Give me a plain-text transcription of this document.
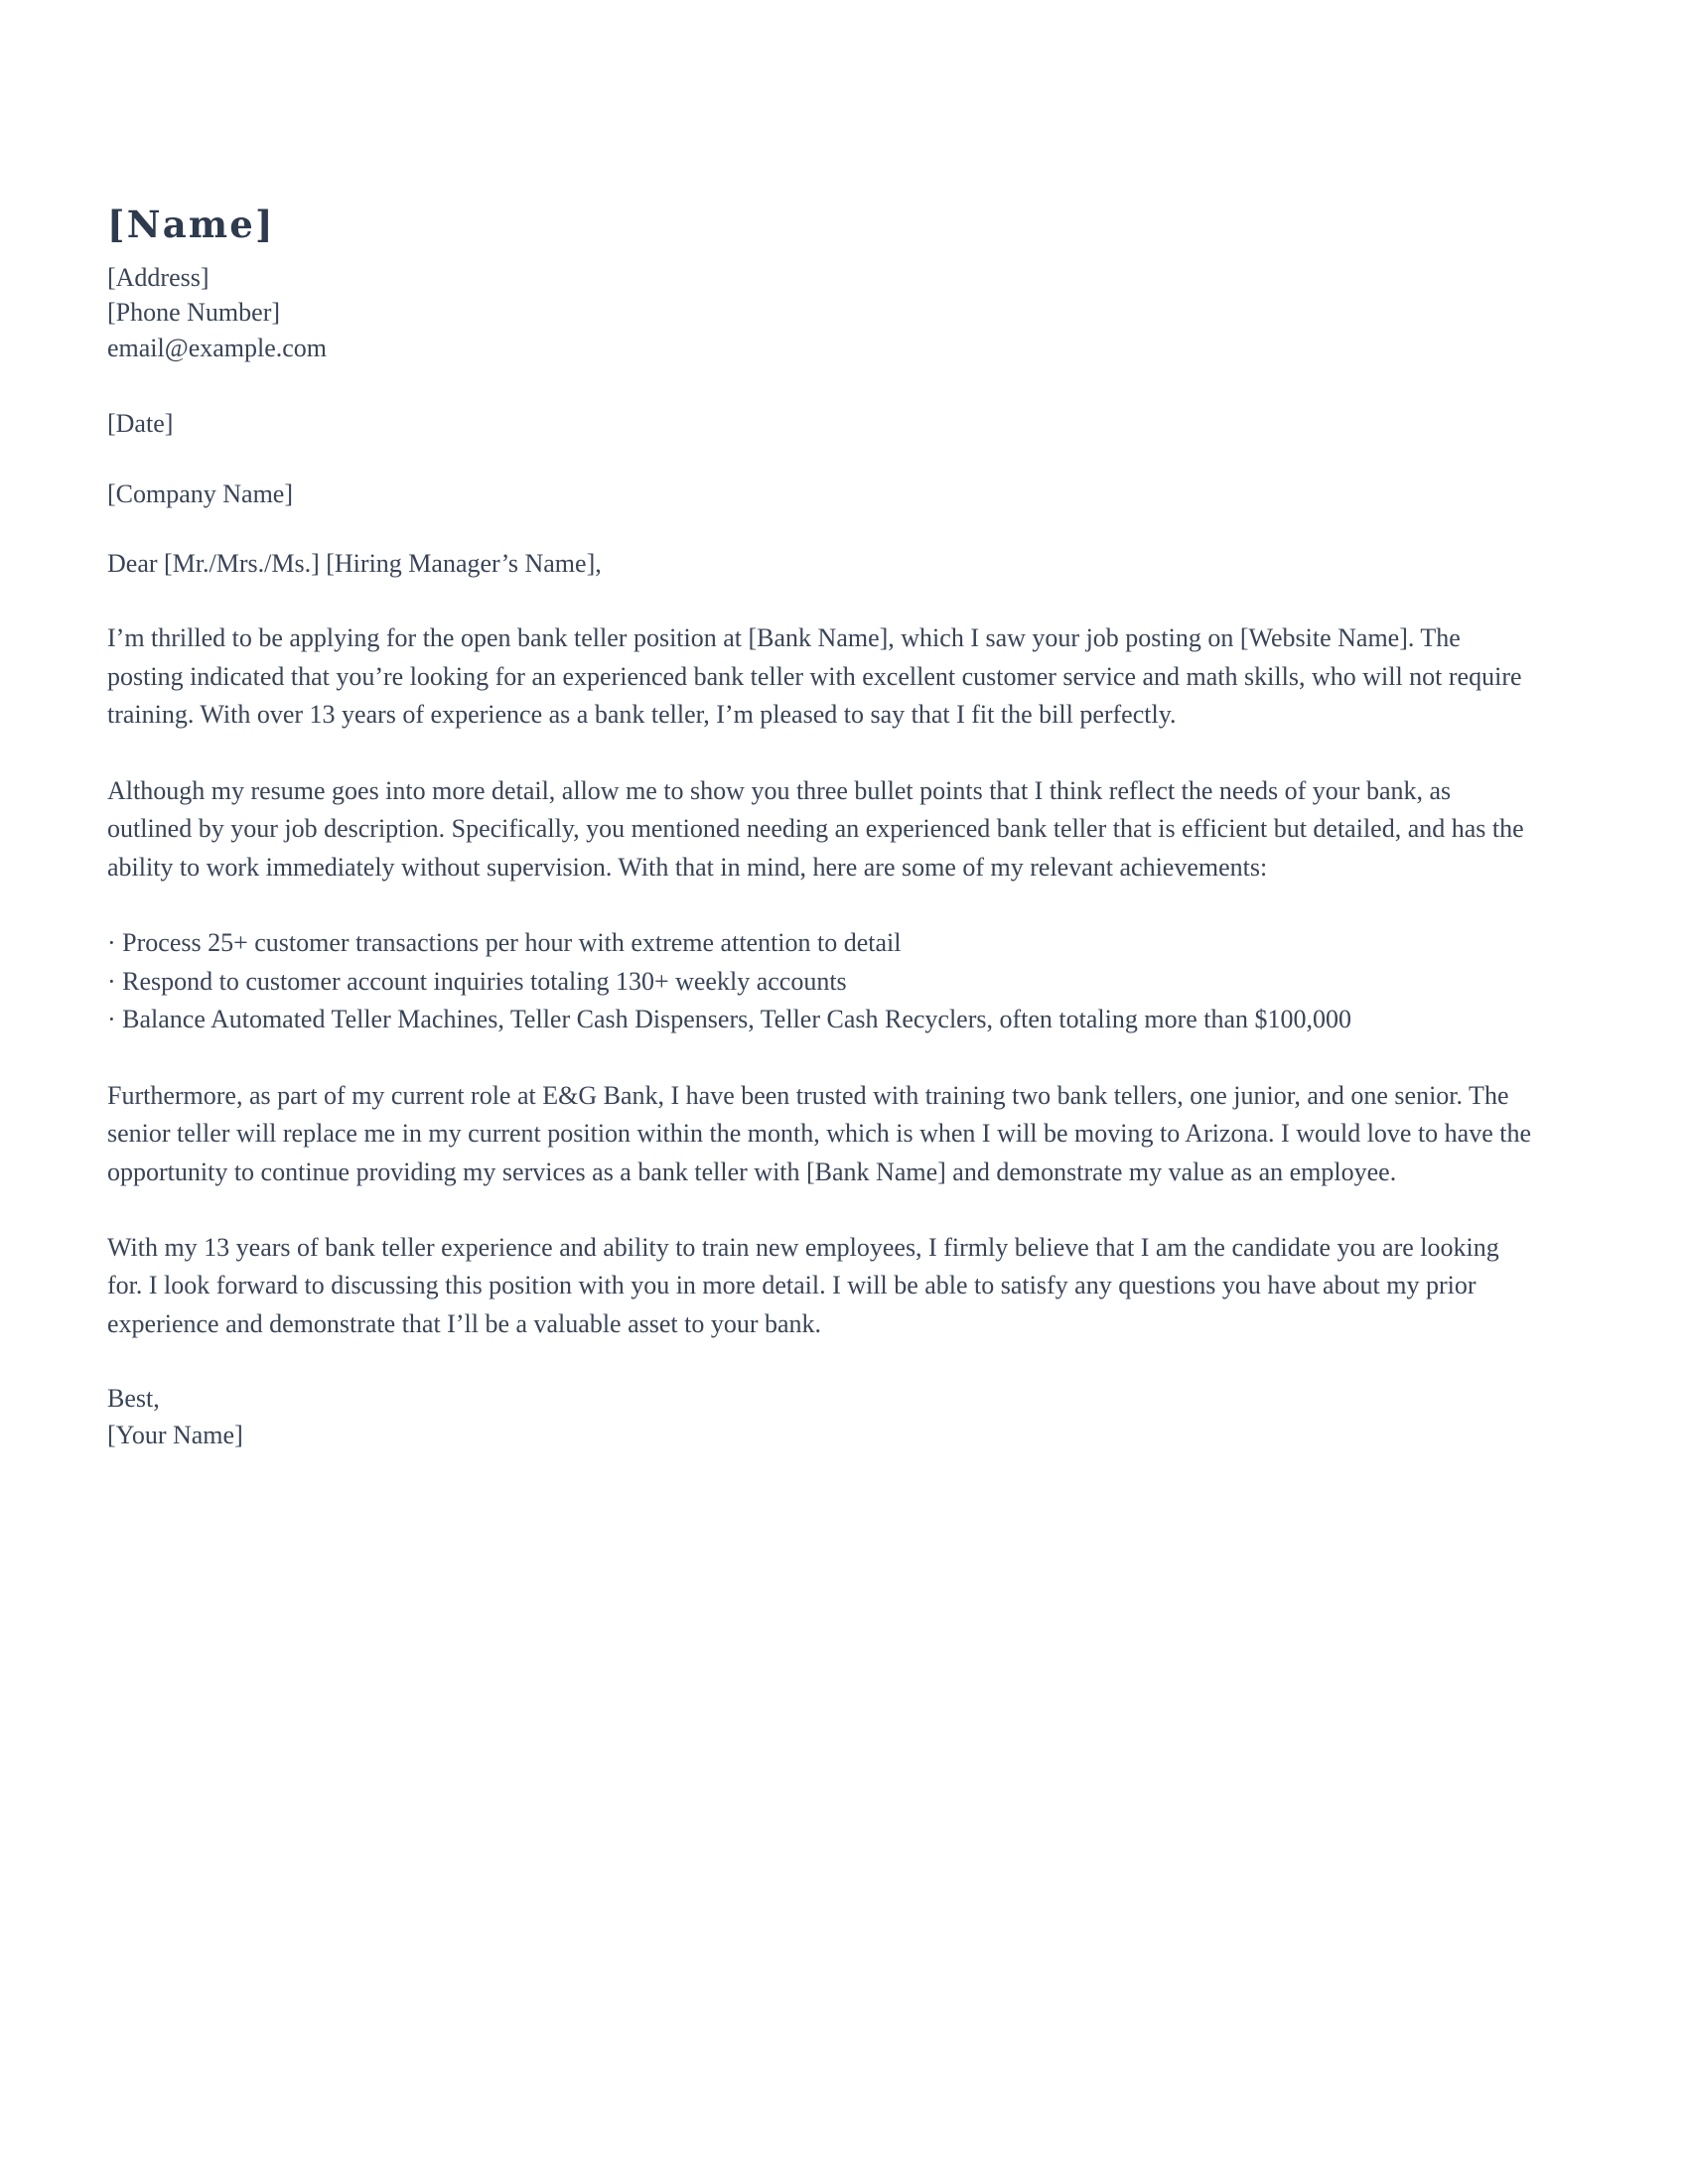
[Name]

[Address]

[Phone Number]

email@example.com

[Date]

[Company Name]

Dear [Mr./Mrs./Ms.] [Hiring Manager’s Name],

I’m thrilled to be applying for the open bank teller position at [Bank Name], which I saw your job posting on [Website Name]. The posting indicated that you’re looking for an experienced bank teller with excellent customer service and math skills, who will not require training. With over 13 years of experience as a bank teller, I’m pleased to say that I fit the bill perfectly.

Although my resume goes into more detail, allow me to show you three bullet points that I think reflect the needs of your bank, as outlined by your job description. Specifically, you mentioned needing an experienced bank teller that is efficient but detailed, and has the ability to work immediately without supervision. With that in mind, here are some of my relevant achievements:

· Process 25+ customer transactions per hour with extreme attention to detail

· Respond to customer account inquiries totaling 130+ weekly accounts

· Balance Automated Teller Machines, Teller Cash Dispensers, Teller Cash Recyclers, often totaling more than $100,000

Furthermore, as part of my current role at E&G Bank, I have been trusted with training two bank tellers, one junior, and one senior. The senior teller will replace me in my current position within the month, which is when I will be moving to Arizona. I would love to have the opportunity to continue providing my services as a bank teller with [Bank Name] and demonstrate my value as an employee.

With my 13 years of bank teller experience and ability to train new employees, I firmly believe that I am the candidate you are looking for. I look forward to discussing this position with you in more detail. I will be able to satisfy any questions you have about my prior experience and demonstrate that I’ll be a valuable asset to your bank.

Best,

[Your Name]
